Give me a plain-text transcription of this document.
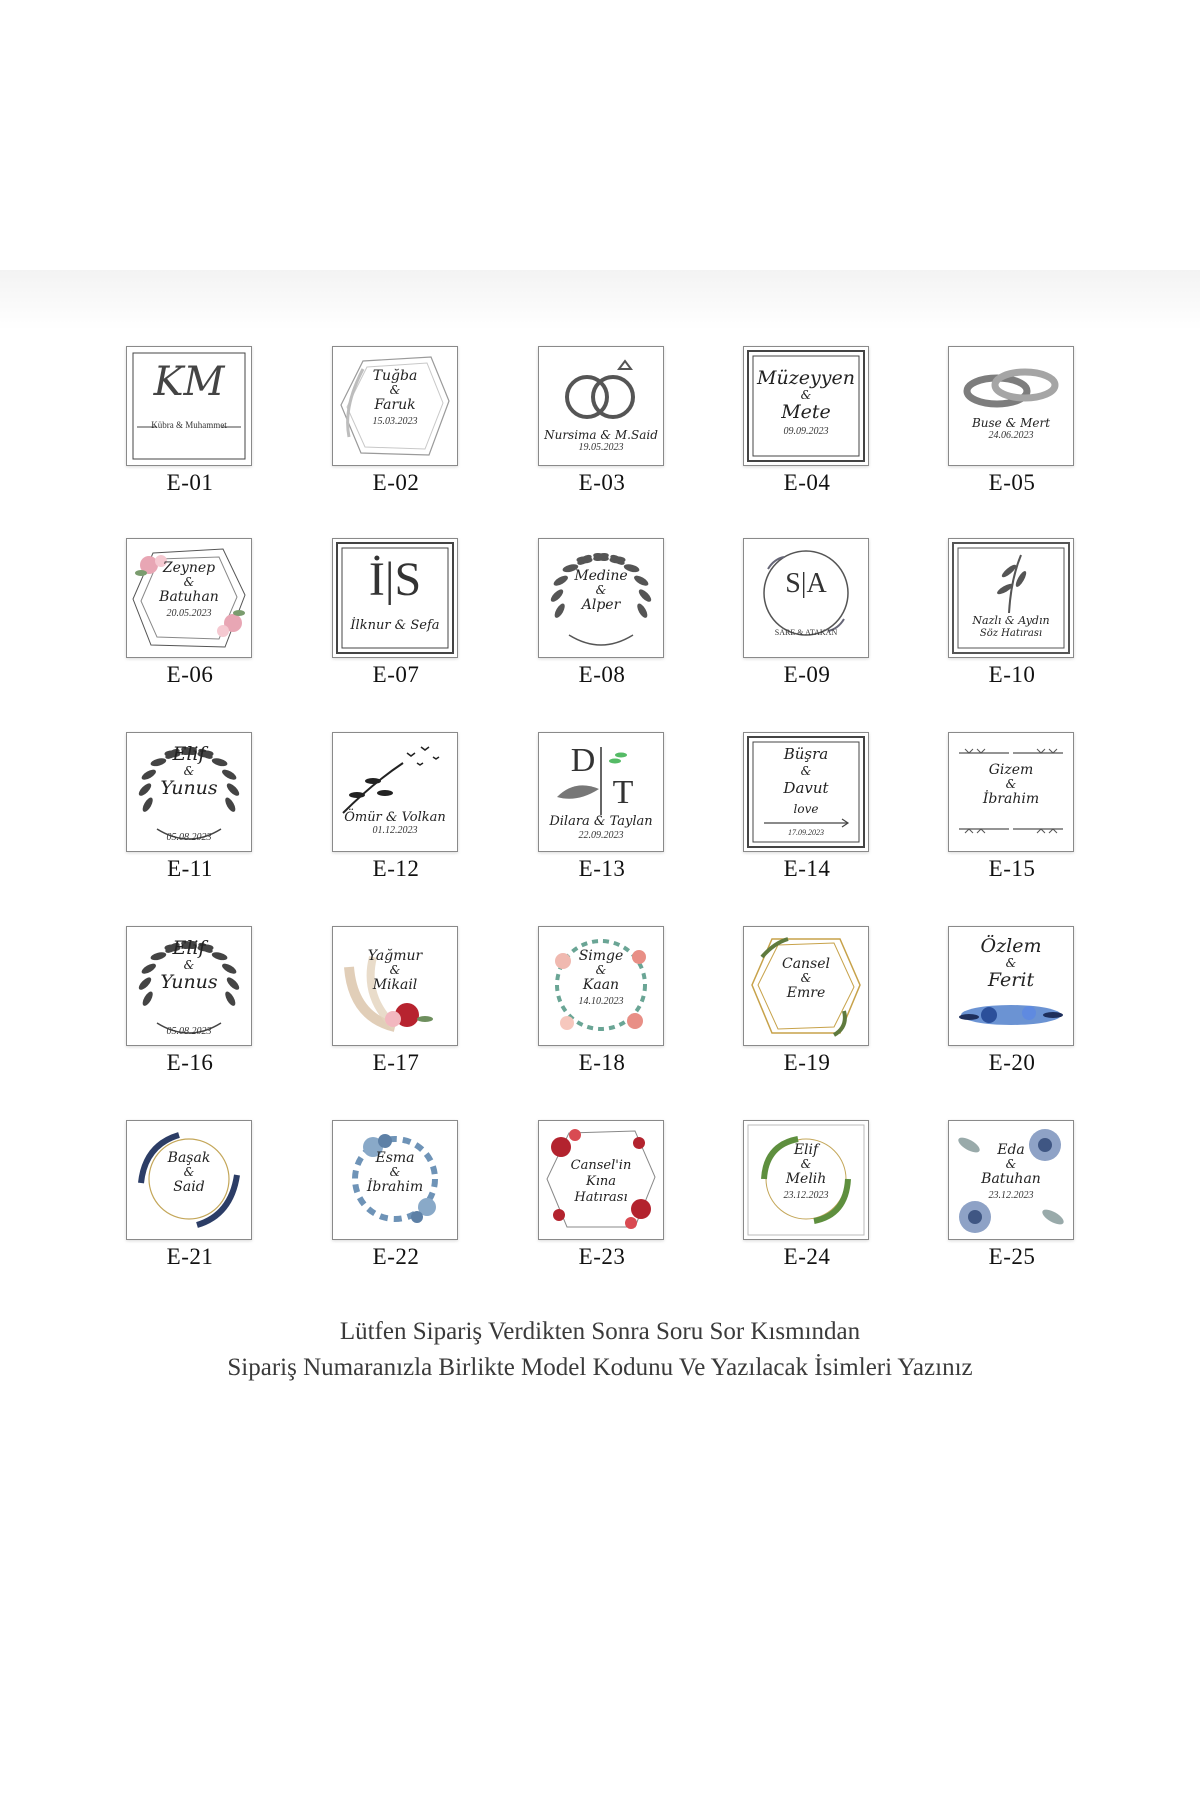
KM
Kübra & Muhammet
E-01
Tuğba
&
Faruk
15.03.2023
E-02
Nursima & M.Said
19.05.2023
E-03
Müzeyyen
&
Mete
09.09.2023
E-04
Buse & Mert
24.06.2023
E-05
Zeynep
&
Batuhan
20.05.2023
E-06
İ|S
İlknur & Sefa
E-07
Medine
&
Alper
E-08
S|A
SARE & ATAKAN
E-09
Nazlı & Aydın
Söz Hatırası
E-10
Elif
&
Yunus
05.08.2023
E-11
Ömür & Volkan
01.12.2023
E-12
D
T
Dilara & Taylan
22.09.2023
E-13
Büşra
&
Davut
love
17.09.2023
E-14
Gizem
&
İbrahim
E-15
Elif
&
Yunus
05.08.2023
E-16
Yağmur
&
Mikail
E-17
Simge
&
Kaan
14.10.2023
E-18
Cansel
&
Emre
E-19
Özlem
&
Ferit
E-20
Başak
&
Said
E-21
Esma
&
İbrahim
E-22
Cansel'in
Kına
Hatırası
E-23
Elif
&
Melih
23.12.2023
E-24
Eda
&
Batuhan
23.12.2023
E-25
Lütfen Sipariş Verdikten Sonra Soru Sor Kısmından
Sipariş Numaranızla Birlikte Model Kodunu Ve Yazılacak İsimleri Yazınız
